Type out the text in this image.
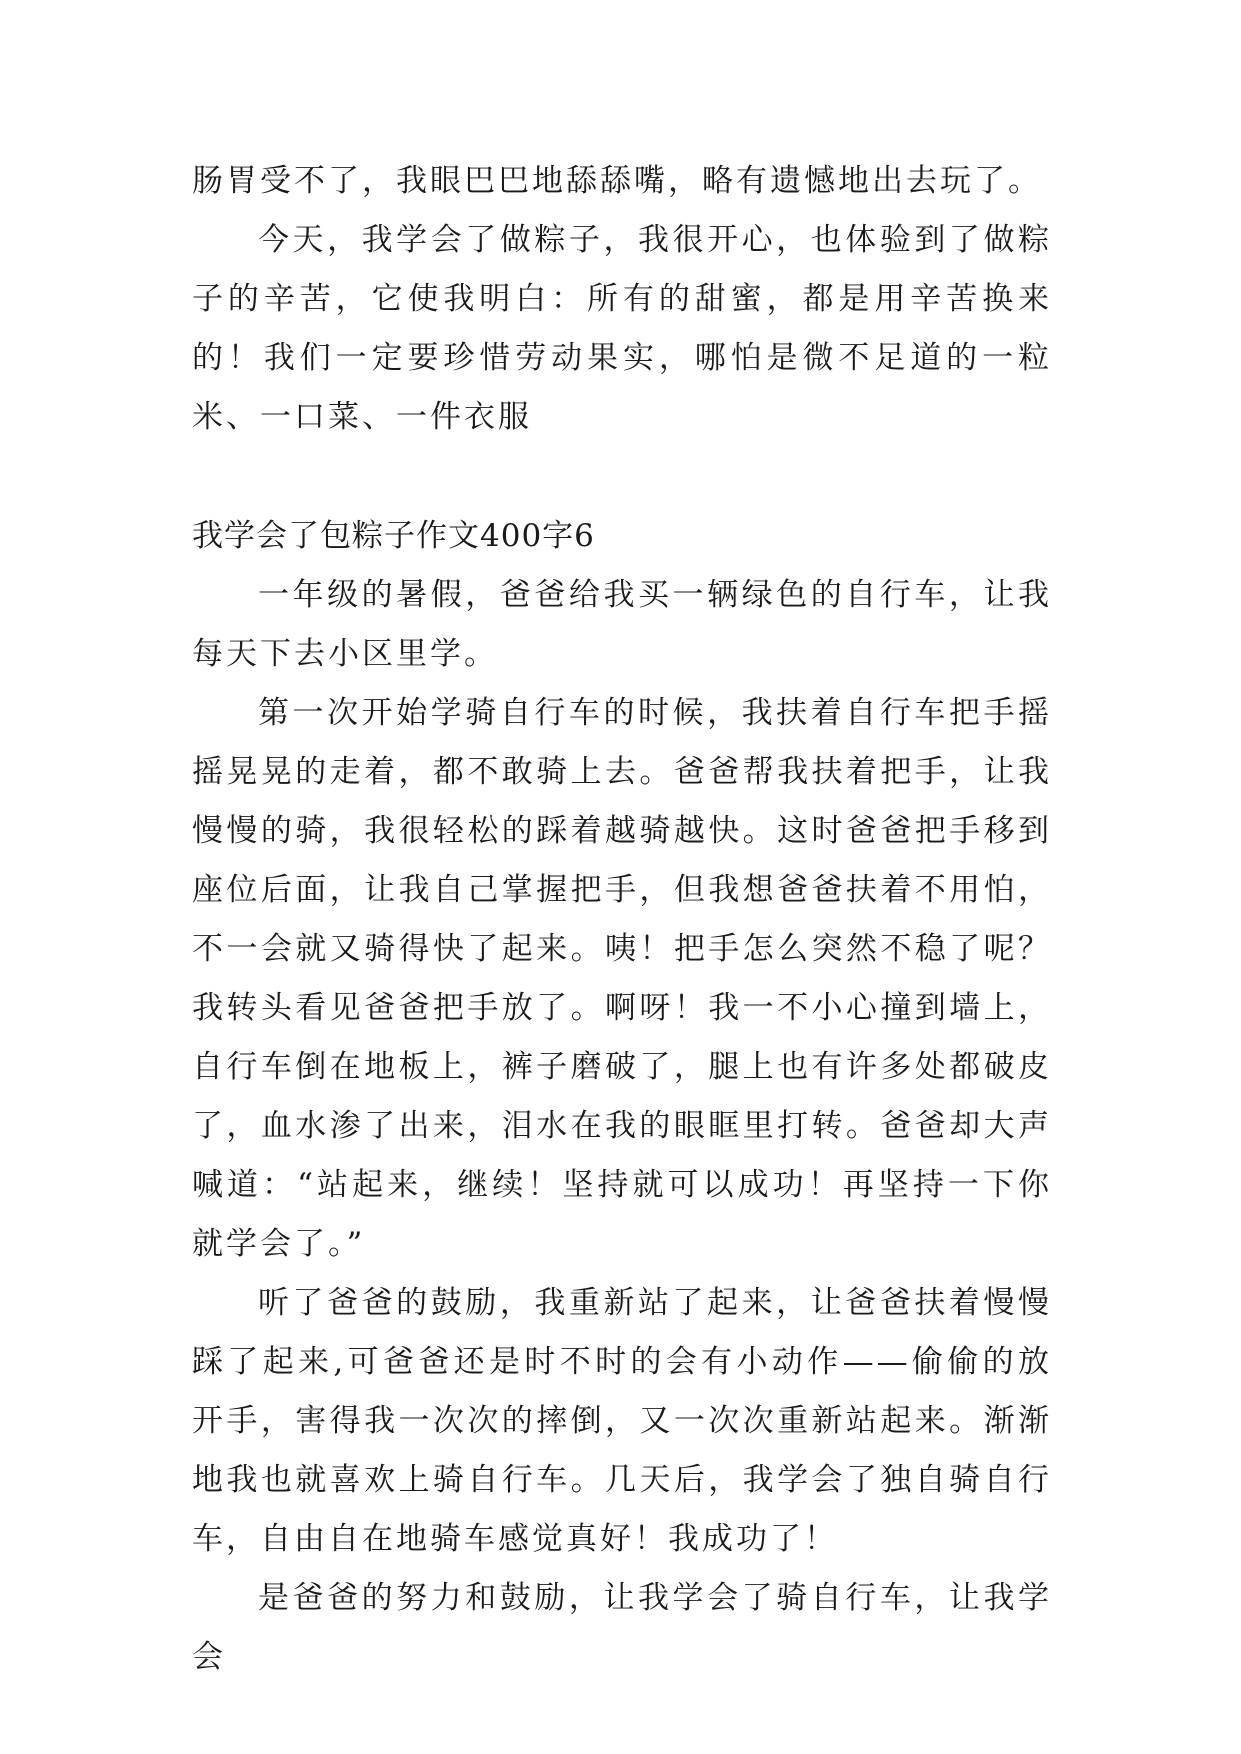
肠胃受不了，我眼巴巴地舔舔嘴，略有遗憾地出去玩了。

今天，我学会了做粽子，我很开心，也体验到了做粽子的辛苦，它使我明白：所有的甜蜜，都是用辛苦换来的！我们一定要珍惜劳动果实，哪怕是微不足道的一粒米、一口菜、一件衣服

我学会了包粽子作文400字6

一年级的暑假，爸爸给我买一辆绿色的自行车，让我每天下去小区里学。

第一次开始学骑自行车的时候，我扶着自行车把手摇摇晃晃的走着，都不敢骑上去。爸爸帮我扶着把手，让我慢慢的骑，我很轻松的踩着越骑越快。这时爸爸把手移到座位后面，让我自己掌握把手，但我想爸爸扶着不用怕，不一会就又骑得快了起来。咦！把手怎么突然不稳了呢？我转头看见爸爸把手放了。啊呀！我一不小心撞到墙上，自行车倒在地板上，裤子磨破了，腿上也有许多处都破皮了，血水渗了出来，泪水在我的眼眶里打转。爸爸却大声喊道：“站起来，继续！坚持就可以成功！再坚持一下你就学会了。”

听了爸爸的鼓励，我重新站了起来，让爸爸扶着慢慢踩了起来,可爸爸还是时不时的会有小动作——偷偷的放开手，害得我一次次的摔倒，又一次次重新站起来。渐渐地我也就喜欢上骑自行车。几天后，我学会了独自骑自行车，自由自在地骑车感觉真好！我成功了！

是爸爸的努力和鼓励，让我学会了骑自行车，让我学会
